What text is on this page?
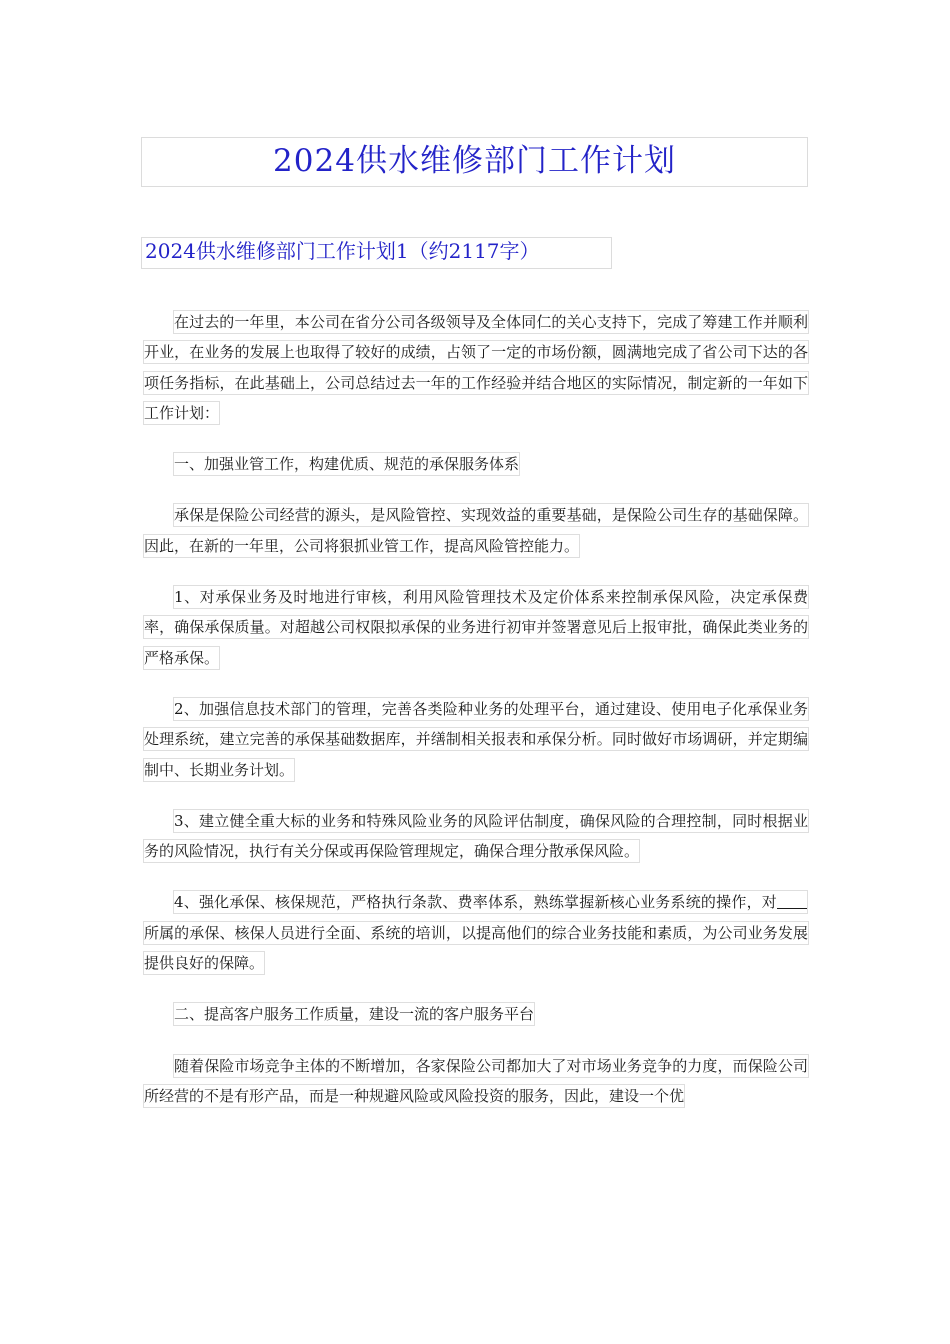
2024供水维修部门工作计划
2024供水维修部门工作计划1（约2117字）

在过去的一年里，本公司在省分公司各级领导及全体同仁的关心支持下，完成了筹建工作并顺利开业，在业务的发展上也取得了较好的成绩，占领了一定的市场份额，圆满地完成了省公司下达的各项任务指标，在此基础上，公司总结过去一年的工作经验并结合地区的实际情况，制定新的一年如下工作计划：

一、加强业管工作，构建优质、规范的承保服务体系

承保是保险公司经营的源头，是风险管控、实现效益的重要基础，是保险公司生存的基础保障。因此，在新的一年里，公司将狠抓业管工作，提高风险管控能力。

1、对承保业务及时地进行审核，利用风险管理技术及定价体系来控制承保风险，决定承保费率，确保承保质量。对超越公司权限拟承保的业务进行初审并签署意见后上报审批，确保此类业务的严格承保。

2、加强信息技术部门的管理，完善各类险种业务的处理平台，通过建设、使用电子化承保业务处理系统，建立完善的承保基础数据库，并缮制相关报表和承保分析。同时做好市场调研，并定期编制中、长期业务计划。

3、建立健全重大标的业务和特殊风险业务的风险评估制度，确保风险的合理控制，同时根据业务的风险情况，执行有关分保或再保险管理规定，确保合理分散承保风险。

4、强化承保、核保规范，严格执行条款、费率体系，熟练掌握新核心业务系统的操作，对所属的承保、核保人员进行全面、系统的培训，以提高他们的综合业务技能和素质，为公司业务发展提供良好的保障。

二、提高客户服务工作质量，建设一流的客户服务平台

随着保险市场竞争主体的不断增加，各家保险公司都加大了对市场业务竞争的力度，而保险公司所经营的不是有形产品，而是一种规避风险或风险投资的服务，因此，建设一个优
